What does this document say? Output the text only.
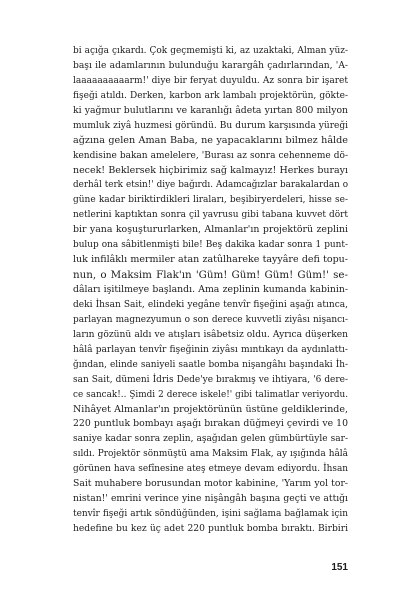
bi açığa çıkardı. Çok geçmemişti ki, az uzaktaki, Alman yüz-
başı ile adamlarının bulunduğu karargâh çadırlarından, 'A-
laaaaaaaaaarm!' diye bir feryat duyuldu. Az sonra bir işaret
fişeği atıldı. Derken, karbon ark lambalı projektörün, gökte-
ki yağmur bulutlarını ve karanlığı âdeta yırtan 800 milyon
mumluk ziyâ huzmesi göründü. Bu durum karşısında yüreği
ağzına gelen Aman Baba, ne yapacaklarını bilmez hâlde
kendisine bakan amelelere, 'Burası az sonra cehenneme dö-
necek! Beklersek hiçbirimiz sağ kalmayız! Herkes burayı
derhâl terk etsin!' diye bağırdı. Adamcağızlar barakalardan o
güne kadar biriktirdikleri liraları, beşibiryerdeleri, hisse se-
netlerini kaptıktan sonra çil yavrusu gibi tabana kuvvet dört
bir yana koşuştururlarken, Almanlar'ın projektörü zeplini
bulup ona sâbitlenmişti bile! Beş dakika kadar sonra 1 punt-
luk infilâklı mermiler atan zatûlharekе tayyâre defi topu-
nun, o Maksim Flak'ın 'Güm! Güm! Güm! Güm!' se-
dâları işitilmeye başlandı. Ama zeplinin kumanda kabinin-
deki İhsan Sait, elindeki yegâne tenvîr fişeğini aşağı atınca,
parlayan magnezyumun o son derece kuvvetli ziyâsı nişancı-
ların gözünü aldı ve atışları isâbetsiz oldu. Ayrıca düşerken
hâlâ parlayan tenvîr fişeğinin ziyâsı mıntıkayı da aydınlattı-
ğından, elinde saniyeli saatle bomba nişangâhı başındaki İh-
san Sait, dümeni İdris Dede'ye bırakmış ve ihtiyara, '6 dere-
ce sancak!.. Şimdi 2 derece iskele!' gibi talimatlar veriyordu.
Nihâyet Almanlar'ın projektörünün üstüne geldiklerinde,
220 puntluk bombayı aşağı bırakan düğmeyi çevirdi ve 10
saniye kadar sonra zeplin, aşağıdan gelen gümbürtüyle sar-
sıldı. Projektör sönmüştü ama Maksim Flak, ay ışığında hâlâ
görünen hava sefînesine ateş etmeye devam ediyordu. İhsan
Sait muhabere borusundan motor kabinine, 'Yarım yol tor-
nistan!' emrini verince yine nişângâh başına geçti ve attığı
tenvîr fişeği artık söndüğünden, işini sağlama bağlamak için
hedefine bu kez üç adet 220 puntluk bomba bıraktı. Birbiri
151
